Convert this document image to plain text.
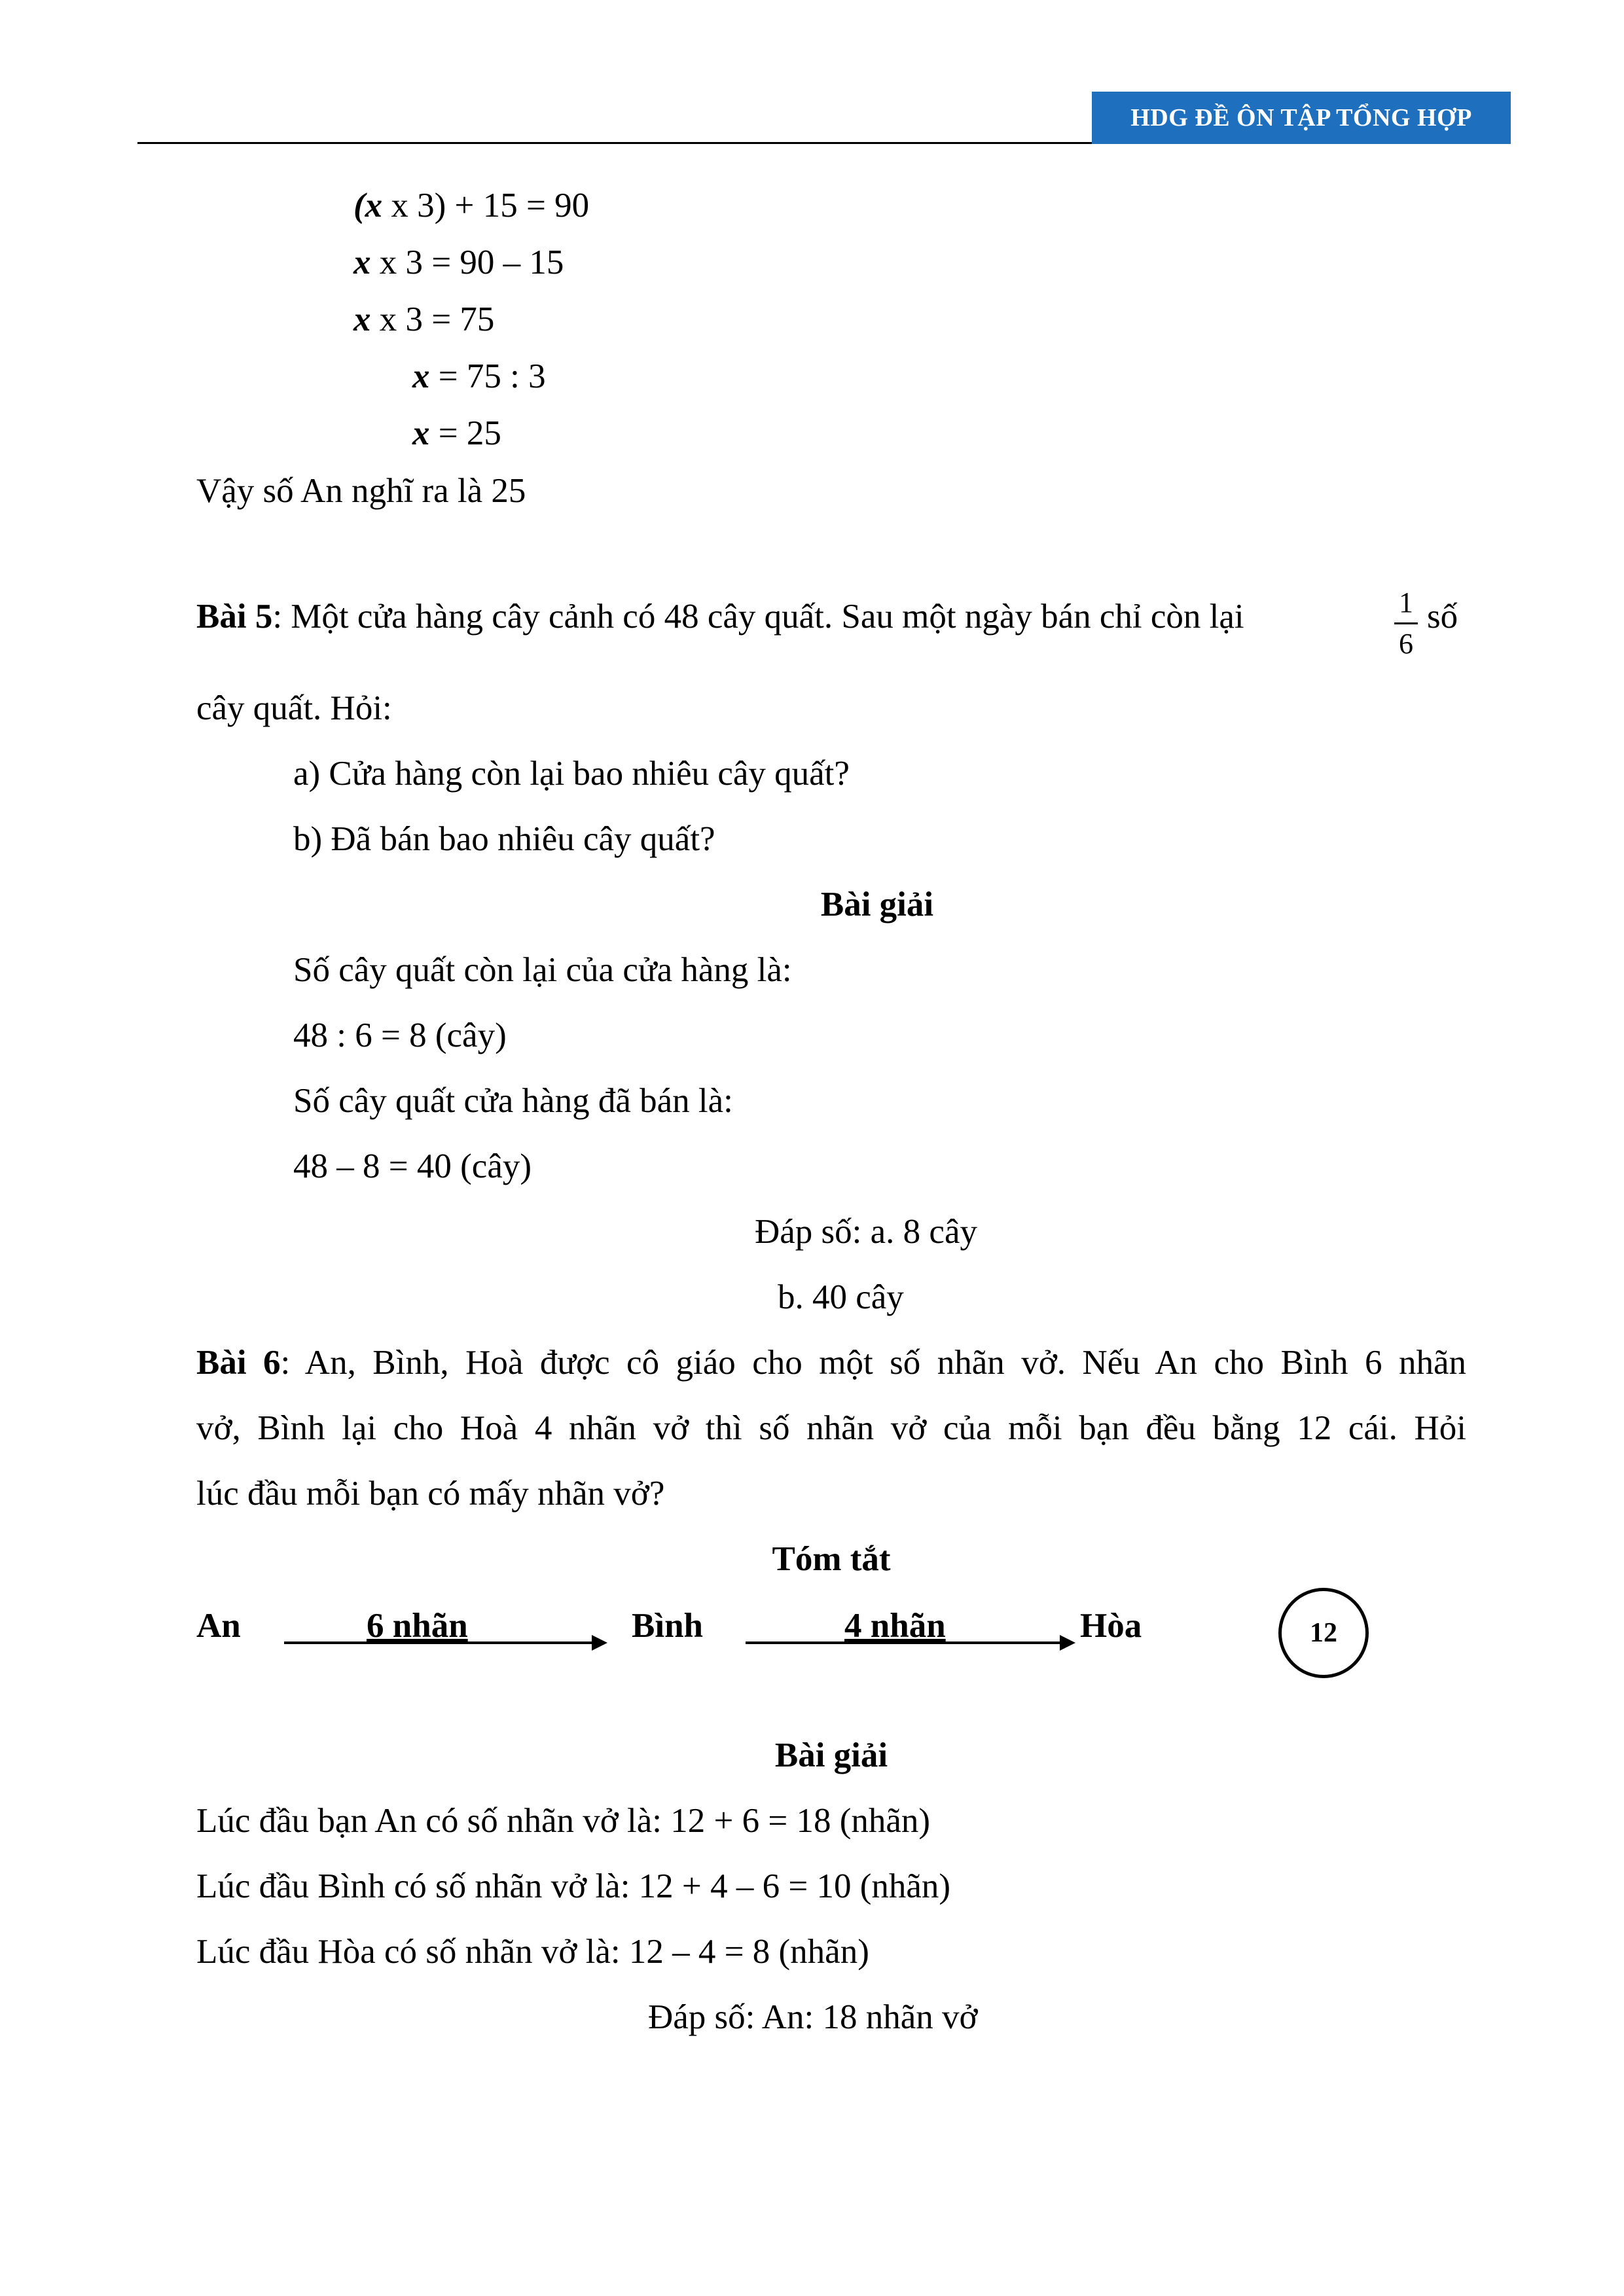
HDG ĐỀ ÔN TẬP TỔNG HỢP
(x x 3) + 15 = 90
x x 3 = 90 – 15
x x 3 = 75
x = 75 : 3
x = 25
Vậy số An nghĩ ra là 25
Bài 5: Một cửa hàng cây cảnh có 48 cây quất. Sau một ngày bán chỉ còn lại	1
6
số
cây quất. Hỏi:
a) Cửa hàng còn lại bao nhiêu cây quất?
b) Đã bán bao nhiêu cây quất?
Bài giải
Số cây quất còn lại của cửa hàng là:
48 : 6 = 8 (cây)
Số cây quất cửa hàng đã bán là:
48 – 8 = 40 (cây)
Đáp số: a. 8 cây
b. 40 cây
Bài 6: An, Bình, Hoà được cô giáo cho một số nhãn vở. Nếu An cho Bình 6 nhãn
vở, Bình lại cho Hoà 4 nhãn vở thì số nhãn vở của mỗi bạn đều bằng 12 cái. Hỏi
lúc đầu mỗi bạn có mấy nhãn vở?
Tóm tắt
An	6 nhãn	Bình	4 nhãn	Hòa	12
Bài giải
Lúc đầu bạn An có số nhãn vở là: 12 + 6 = 18 (nhãn)
Lúc đầu Bình có số nhãn vở là: 12 + 4 – 6 = 10 (nhãn)
Lúc đầu Hòa có số nhãn vở là: 12 – 4 = 8 (nhãn)
Đáp số: An: 18 nhãn vở
